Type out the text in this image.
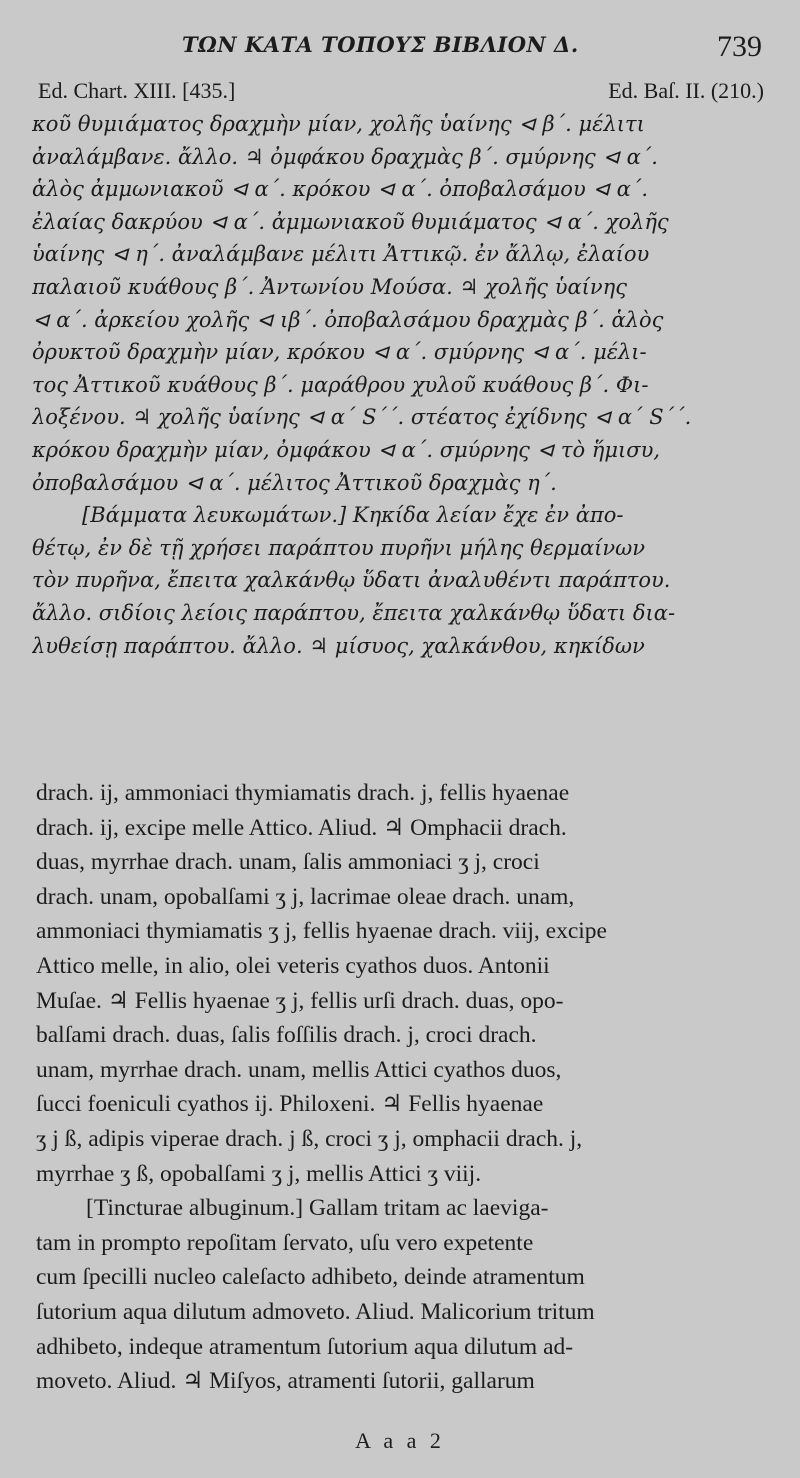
ΤΩΝ ΚΑΤΑ ΤΟΠΟΥΣ ΒΙΒΛΙΟΝ Δ.	739
Ed. Chart. XIII. [435.]	Ed. Baſ. II. (210.)
κοῦ θυμιάματος δραχμὴν μίαν, χολῆς ὑαίνης ⊲ β΄. μέλιτι
ἀναλάμβανε. ἄλλο. ♃ ὀμφάκου δραχμὰς β΄. σμύρνης ⊲ α΄.
ἁλὸς ἀμμωνιακοῦ ⊲ α΄. κρόκου ⊲ α΄. ὀποβαλσάμου ⊲ α΄.
ἐλαίας δακρύου ⊲ α΄. ἀμμωνιακοῦ θυμιάματος ⊲ α΄. χολῆς
ὑαίνης ⊲ η΄. ἀναλάμβανε μέλιτι Ἀττικῷ. ἐν ἄλλῳ, ἐλαίου
παλαιοῦ κυάθους β΄. Ἀντωνίου Μούσα. ♃ χολῆς ὑαίνης
⊲ α΄. ἀρκείου χολῆς ⊲ ιβ΄. ὀποβαλσάμου δραχμὰς β΄. ἁλὸς
ὀρυκτοῦ δραχμὴν μίαν, κρόκου ⊲ α΄. σμύρνης ⊲ α΄. μέλι-
τος Ἀττικοῦ κυάθους β΄. μαράθρου χυλοῦ κυάθους β΄. Φι-
λοξένου. ♃ χολῆς ὑαίνης ⊲ α΄ S΄΄. στέατος ἐχίδνης ⊲ α΄ S΄΄.
κρόκου δραχμὴν μίαν, ὀμφάκου ⊲ α΄. σμύρνης ⊲ τὸ ἥμισυ,
ὀποβαλσάμου ⊲ α΄. μέλιτος Ἀττικοῦ δραχμὰς η΄.
[Βάμματα λευκωμάτων.] Κηκίδα λείαν ἔχε ἐν ἀπο-
θέτῳ, ἐν δὲ τῇ χρήσει παράπτου πυρῆνι μήλης θερμαίνων
τὸν πυρῆνα, ἔπειτα χαλκάνθῳ ὕδατι ἀναλυθέντι παράπτου.
ἄλλο. σιδίοις λείοις παράπτου, ἔπειτα χαλκάνθῳ ὕδατι δια-
λυθείσῃ παράπτου. ἄλλο. ♃ μίσυος, χαλκάνθου, κηκίδων
drach. ij, ammoniaci thymiamatis drach. j, fellis hyaenae
drach. ij, excipe melle Attico. Aliud. ♃ Omphacii drach.
duas, myrrhae drach. unam, ſalis ammoniaci ʒ j, croci
drach. unam, opobalſami ʒ j, lacrimae oleae drach. unam,
ammoniaci thymiamatis ʒ j, fellis hyaenae drach. viij, excipe
Attico melle, in alio, olei veteris cyathos duos. Antonii
Muſae. ♃ Fellis hyaenae ʒ j, fellis urſi drach. duas, opo-
balſami drach. duas, ſalis foſſilis drach. j, croci drach.
unam, myrrhae drach. unam, mellis Attici cyathos duos,
ſucci foeniculi cyathos ij. Philoxeni. ♃ Fellis hyaenae
ʒ j ß, adipis viperae drach. j ß, croci ʒ j, omphacii drach. j,
myrrhae ʒ ß, opobalſami ʒ j, mellis Attici ʒ viij.
[Tincturae albuginum.] Gallam tritam ac laeviga-
tam in prompto repoſitam ſervato, uſu vero expetente
cum ſpecilli nucleo caleſacto adhibeto, deinde atramentum
ſutorium aqua dilutum admoveto. Aliud. Malicorium tritum
adhibeto, indeque atramentum ſutorium aqua dilutum ad-
moveto. Aliud. ♃ Miſyos, atramenti ſutorii, gallarum
A a a 2
